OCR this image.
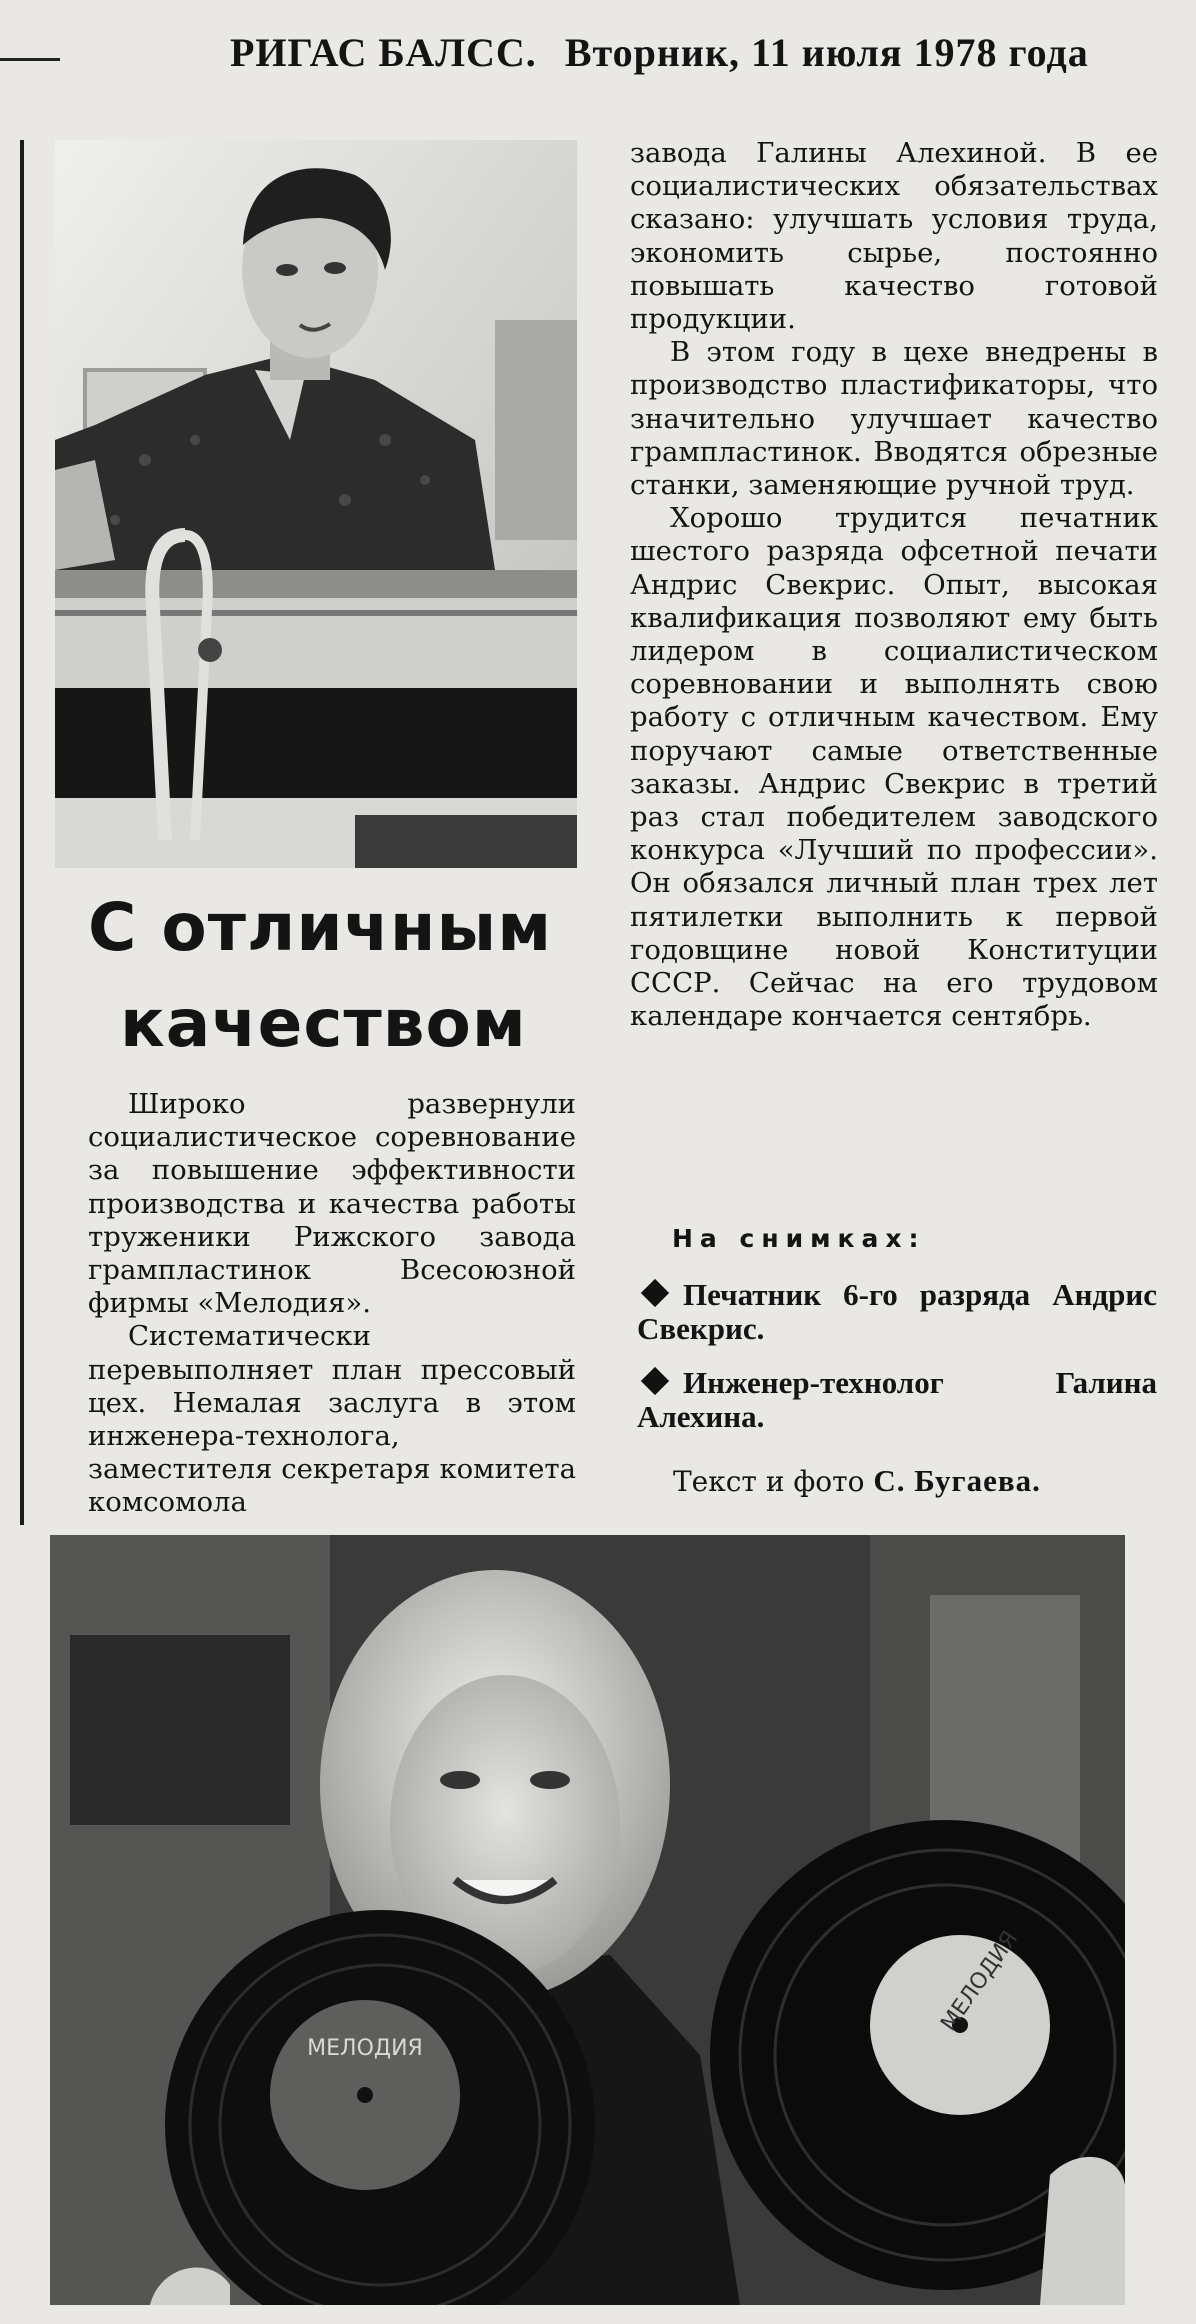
РИГАС БАЛСС. Вторник, 11 июля 1978 года
С отличным
качеством

Широко развернули социалистическое соревнование за повышение эффективности производства и качества работы труженики Рижского завода грампластинок Всесоюзной фирмы «Мелодия».

Систематически перевыполняет план прессовый цех. Немалая заслуга в этом инженера-технолога, заместителя секретаря комитета комсомола

завода Галины Алехиной. В ее социалистических обязательствах сказано: улучшать условия труда, экономить сырье, постоянно повышать качество готовой продукции.

В этом году в цехе внедрены в производство пластификаторы, что значительно улучшает качество грампластинок. Вводятся обрезные станки, заменяющие ручной труд.

Хорошо трудится печатник шестого разряда офсетной печати Андрис Свекрис. Опыт, высокая квалификация позволяют ему быть лидером в социалистическом соревновании и выполнять свою работу с отличным качеством. Ему поручают самые ответственные заказы. Андрис Свекрис в третий раз стал победителем заводского конкурса «Лучший по профессии». Он обязался личный план трех лет пятилетки выполнить к первой годовщине новой Конституции СССР. Сейчас на его трудовом календаре кончается сентябрь.

На снимках:
Печатник 6-го разряда Андрис Свекрис.
Инженер-технолог Галина Алехина.
Текст и фото С. Бугаева.
МЕЛОДИЯ
МЕЛОДИЯ
